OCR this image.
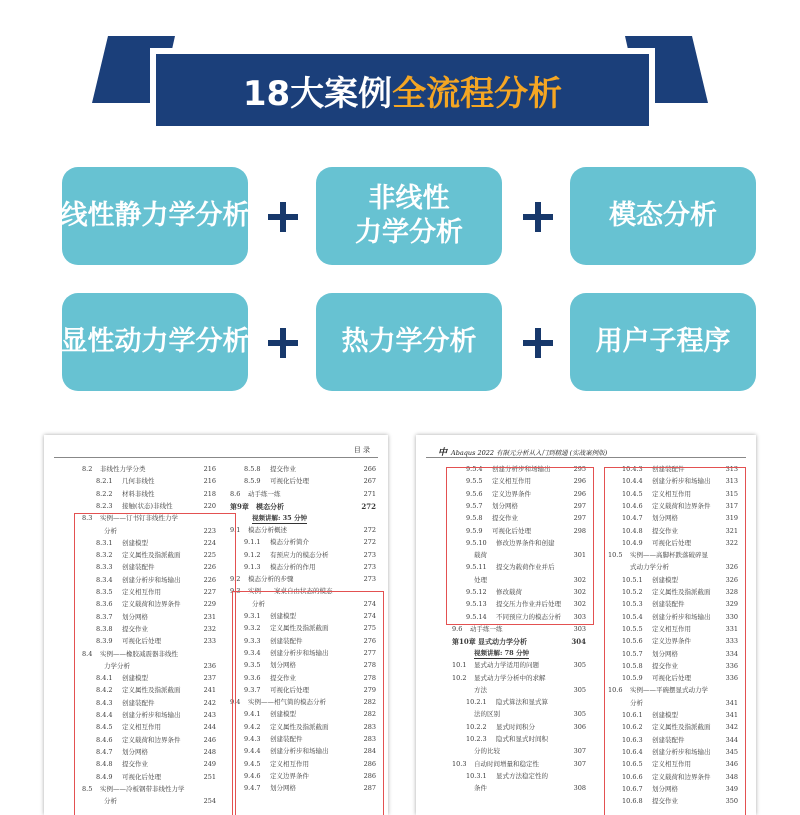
18大案例 全流程分析
线性静力学分析
非线性
力学分析
模态分析
显性动力学分析	热力学分析	用户子程序
目 录
8.2 非线性力学分类	216
8.2.1 几何非线性	216
8.2.2 材料非线性	218
8.2.3 接触(状态)非线性	220
8.3 实例——订书钉非线性力学
分析	223
8.3.1 创建模型	224
8.3.2 定义属性及指派截面	225
8.3.3 创建装配件	226
8.3.4 创建分析步和场输出	226
8.3.5 定义相互作用	227
8.3.6 定义载荷和边界条件	229
8.3.7 划分网格	231
8.3.8 提交作业	232
8.3.9 可视化后处理	233
8.4 实例——橡胶减震器非线性
力学分析	236
8.4.1 创建模型	237
8.4.2 定义属性及指派截面	241
8.4.3 创建装配件	242
8.4.4 创建分析步和场输出	243
8.4.5 定义相互作用	244
8.4.6 定义载荷和边界条件	246
8.4.7 划分网格	248
8.4.8 提交作业	249
8.4.9 可视化后处理	251
8.5 实例——冷板钢带非线性力学
分析	254
8.5.8 提交作业	266
8.5.9 可视化后处理	267
8.6 动手练一练	271
第9章 模态分析	272
视频讲解: 35 分钟
9.1 模态分析概述	272
9.1.1 模态分析简介	272
9.1.2 有预应力的模态分析	273
9.1.3 模态分析的作用	273
9.2 模态分析的步骤	273
9.3 实例——案桌自由状态的模态
分析	274
9.3.1 创建模型	274
9.3.2 定义属性及指派截面	275
9.3.3 创建装配件	276
9.3.4 创建分析步和场输出	277
9.3.5 划分网格	278
9.3.6 提交作业	278
9.3.7 可视化后处理	279
9.4 实例——相气简的模态分析	282
9.4.1 创建模型	282
9.4.2 定义属性及指派截面	283
9.4.3 创建装配件	283
9.4.4 创建分析步和场输出	284
9.4.5 定义相互作用	286
9.4.6 定义边界条件	286
9.4.7 划分网格	287
中 Abaqus 2022 有限元分析从入门到精通 (实战案例版)
9.5.4 创建分析步和场输出	295
9.5.5 定义相互作用	296
9.5.6 定义边界条件	296
9.5.7 划分网格	297
9.5.8 提交作业	297
9.5.9 可视化后处理	298
9.5.10 修改边界条件和创建
载荷	301
9.5.11 提交为载荷作业并后
处理	302
9.5.12 修改载荷	302
9.5.13 提交压力作业并后处理 302
9.5.14 不同预应力的模态分析 303
9.6 动手练一练	303
第10章 显式动力学分析	304
视频讲解: 78 分钟
10.1 显式动力学适用的问题	305
10.2 显式动力学分析中的求解
方法	305
10.2.1 隐式算法和显式算
法的区别	305
10.2.2 显式时间积分	306
10.2.3 隐式和显式时间积
分的比较	307
10.3 自动时间增量和稳定性	307
10.3.1 显式方法稳定性的
条件	308
10.4.3 创建装配件	313
10.4.4 创建分析步和场输出 313
10.4.5 定义相互作用	315
10.4.6 定义载荷和边界条件 317
10.4.7 划分网格	319
10.4.8 提交作业	321
10.4.9 可视化后处理	322
10.5 实例——高脚杯跌落破碎显
式动力学分析	326
10.5.1 创建模型	326
10.5.2 定义属性及指派截面 328
10.5.3 创建装配件	329
10.5.4 创建分析步和场输出 330
10.5.5 定义相互作用	331
10.5.6 定义边界条件	333
10.5.7 划分网格	334
10.5.8 提交作业	336
10.5.9 可视化后处理	336
10.6 实例——平碗摆显式动力学
分析	341
10.6.1 创建模型	341
10.6.2 定义属性及指派截面 342
10.6.3 创建装配件	344
10.6.4 创建分析步和场输出 345
10.6.5 定义相互作用	346
10.6.6 定义载荷和边界条件 348
10.6.7 划分网格	349
10.6.8 提交作业	350
